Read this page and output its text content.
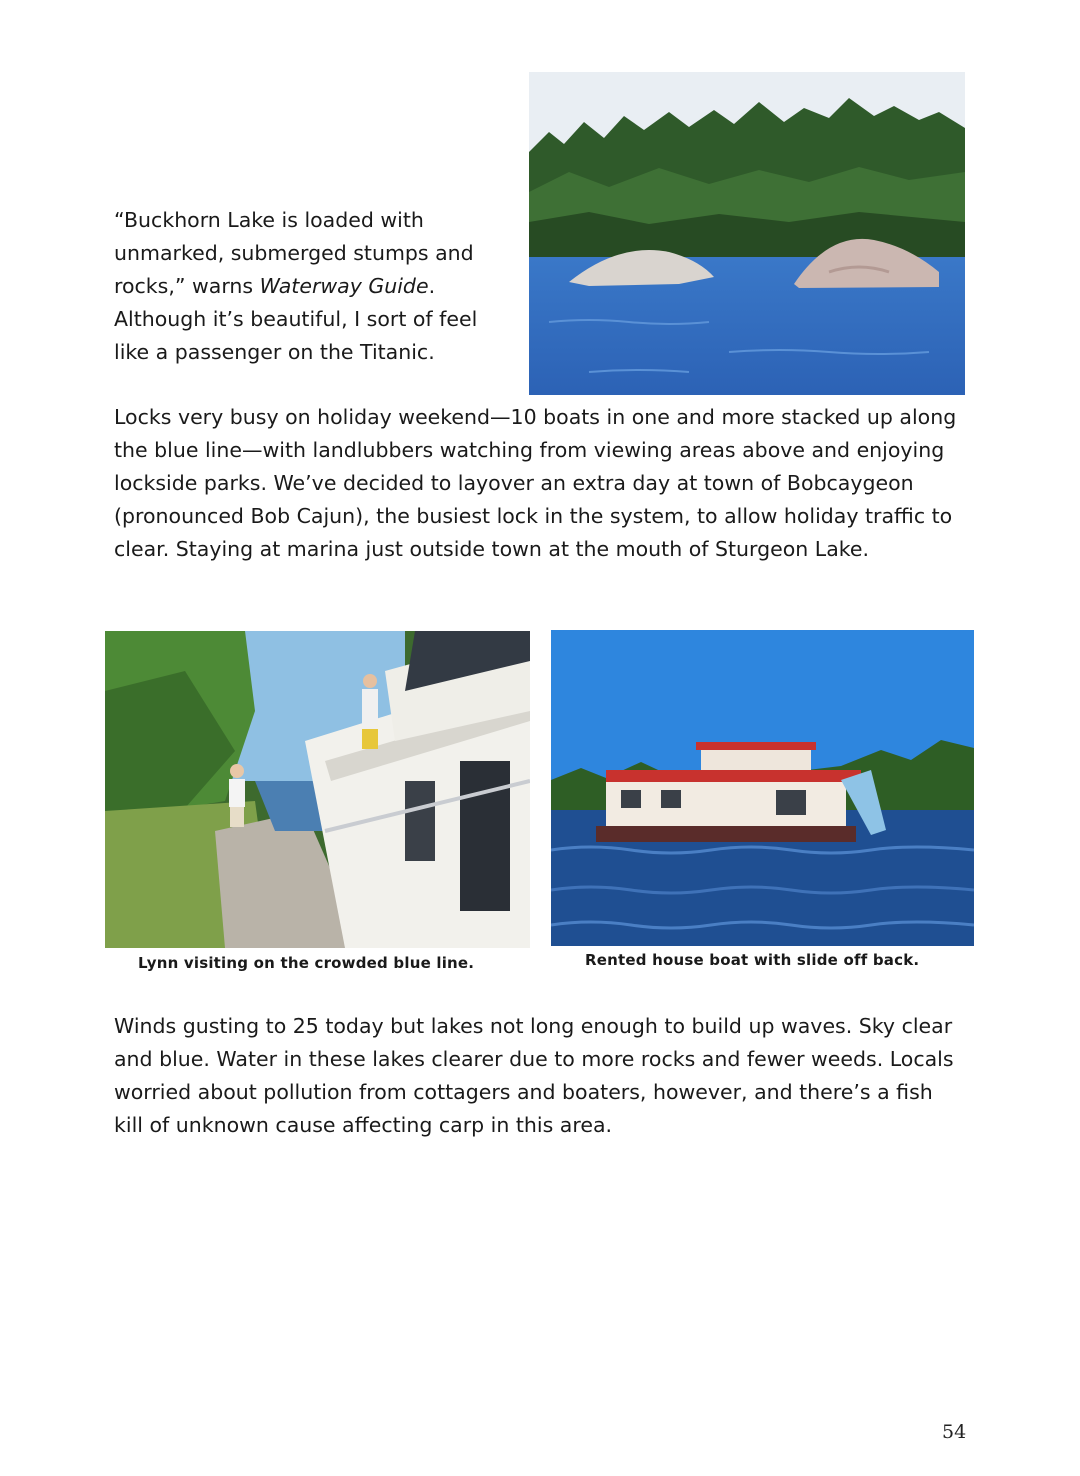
“Buckhorn Lake is loaded with unmarked, submerged stumps and rocks,” warns Waterway Guide. Although it’s beautiful, I sort of feel like a passenger on the Titanic.

Locks very busy on holiday weekend—10 boats in one and more stacked up along the blue line—with landlubbers watching from viewing areas above and enjoying lockside parks. We’ve decided to layover an extra day at town of Bobcaygeon (pronounced Bob Cajun), the busiest lock in the system, to allow holiday traffic to clear. Staying at marina just outside town at the mouth of Sturgeon Lake.

Lynn visiting on the crowded blue line.	Rented house boat with slide off back.

Winds gusting to 25 today but lakes not long enough to build up waves. Sky clear and blue. Water in these lakes clearer due to more rocks and fewer weeds. Locals worried about pollution from cottagers and boaters, however, and there’s a fish kill of unknown cause affecting carp in this area.

54
